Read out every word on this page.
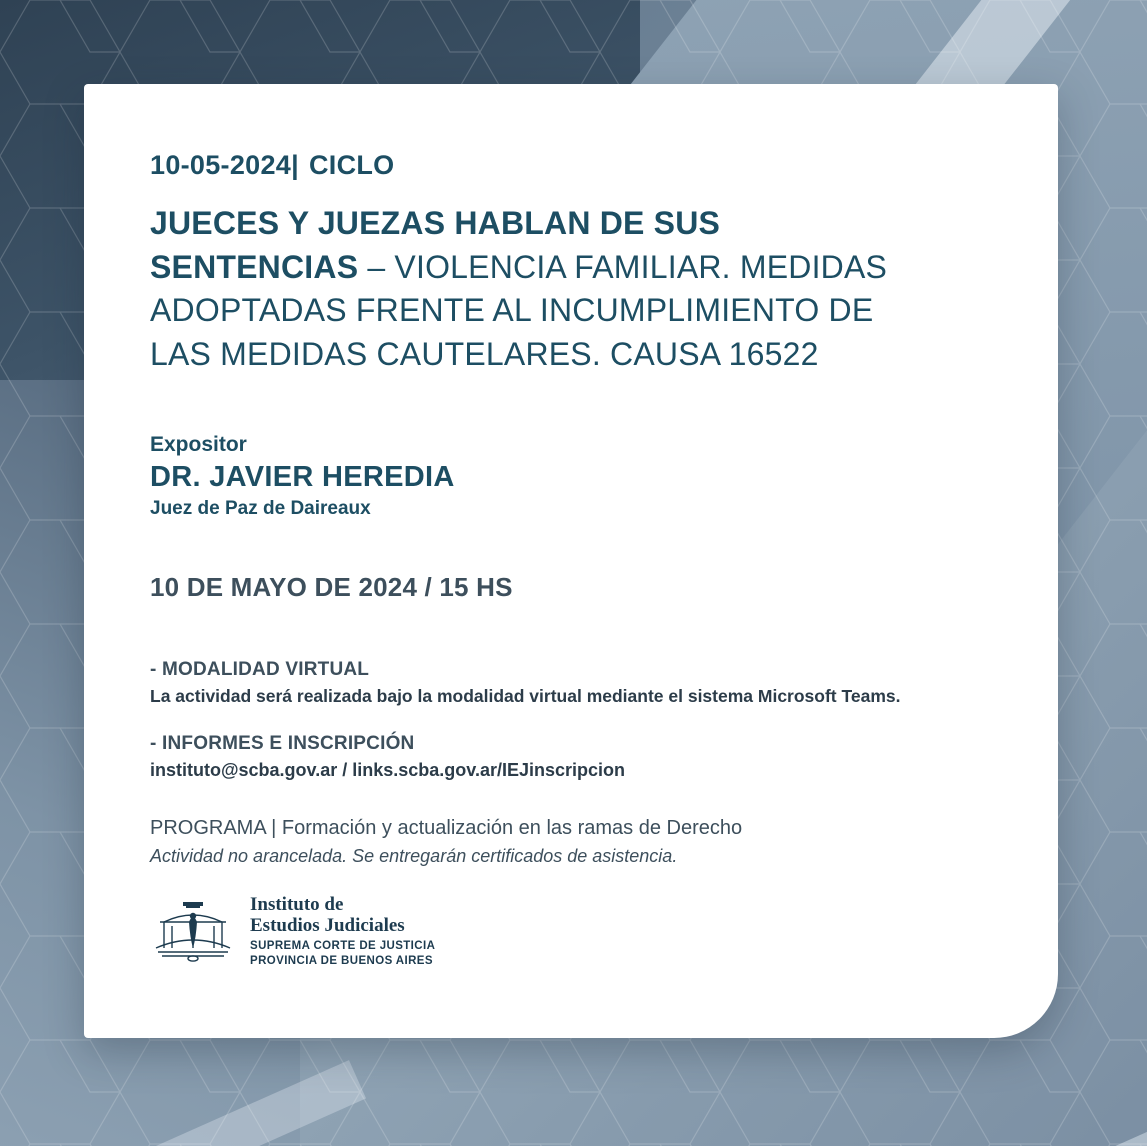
10-05-2024| CICLO
JUECES Y JUEZAS HABLAN DE SUS SENTENCIAS – VIOLENCIA FAMILIAR. MEDIDAS ADOPTADAS FRENTE AL INCUMPLIMIENTO DE LAS MEDIDAS CAUTELARES. CAUSA 16522
Expositor
DR. JAVIER HEREDIA
Juez de Paz de Daireaux
10 DE MAYO DE 2024 / 15 HS
- MODALIDAD VIRTUAL
La actividad será realizada bajo la modalidad virtual mediante el sistema Microsoft Teams.
- INFORMES E INSCRIPCIÓN
instituto@scba.gov.ar / links.scba.gov.ar/IEJinscripcion
PROGRAMA | Formación y actualización en las ramas de Derecho
Actividad no arancelada. Se entregarán certificados de asistencia.
Instituto de
Estudios Judiciales
SUPREMA CORTE DE JUSTICIA
PROVINCIA DE BUENOS AIRES
